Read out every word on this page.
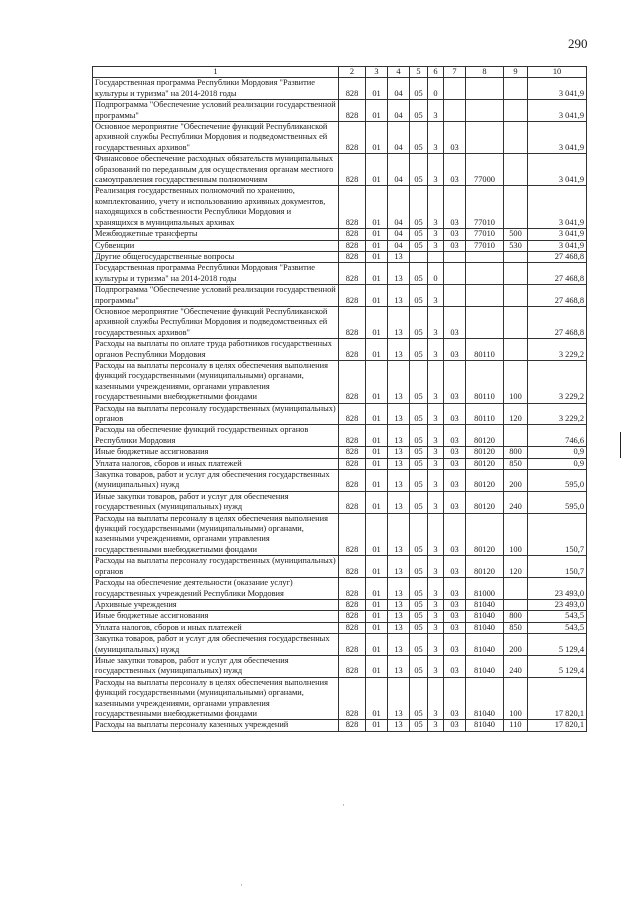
290
1	2	3	4	5	6	7	8	9	10
Государственная программа Республики Мордовия "Развитие культуры и туризма" на 2014-2018 годы	828	01	04	05	0				3 041,9
Подпрограмма "Обеспечение условий реализации государственной программы"	828	01	04	05	3				3 041,9
Основное мероприятие "Обеспечение функций Республиканской архивной службы Республики Мордовия и подведомственных ей государственных архивов"	828	01	04	05	3	03			3 041,9
Финансовое обеспечение расходных обязательств муниципальных образований по переданным для осуществления органам местного самоуправления государственным полномочиям	828	01	04	05	3	03	77000		3 041,9
Реализация государственных полномочий по хранению, комплектованию, учету и использованию архивных документов, находящихся в собственности Республики Мордовия и хранящихся в муниципальных архивах	828	01	04	05	3	03	77010		3 041,9
Межбюджетные трансферты	828	01	04	05	3	03	77010	500	3 041,9
Субвенции	828	01	04	05	3	03	77010	530	3 041,9
Другие общегосударственные вопросы	828	01	13						27 468,8
Государственная программа Республики Мордовия "Развитие культуры и туризма" на 2014-2018 годы	828	01	13	05	0				27 468,8
Подпрограмма "Обеспечение условий реализации государственной программы"	828	01	13	05	3				27 468,8
Основное мероприятие "Обеспечение функций Республиканской архивной службы Республики Мордовия и подведомственных ей государственных архивов"	828	01	13	05	3	03			27 468,8
Расходы на выплаты по оплате труда работников государственных органов Республики Мордовия	828	01	13	05	3	03	80110		3 229,2
Расходы на выплаты персоналу в целях обеспечения выполнения функций государственными (муниципальными) органами, казенными учреждениями, органами управления государственными внебюджетными фондами	828	01	13	05	3	03	80110	100	3 229,2
Расходы на выплаты персоналу государственных (муниципальных) органов	828	01	13	05	3	03	80110	120	3 229,2
Расходы на обеспечение функций государственных органов Республики Мордовия	828	01	13	05	3	03	80120		746,6
Иные бюджетные ассигнования	828	01	13	05	3	03	80120	800	0,9
Уплата налогов, сборов и иных платежей	828	01	13	05	3	03	80120	850	0,9
Закупка товаров, работ и услуг для обеспечения государственных (муниципальных) нужд	828	01	13	05	3	03	80120	200	595,0
Иные закупки товаров, работ и услуг для обеспечения государственных (муниципальных) нужд	828	01	13	05	3	03	80120	240	595,0
Расходы на выплаты персоналу в целях обеспечения выполнения функций государственными (муниципальными) органами, казенными учреждениями, органами управления государственными внебюджетными фондами	828	01	13	05	3	03	80120	100	150,7
Расходы на выплаты персоналу государственных (муниципальных) органов	828	01	13	05	3	03	80120	120	150,7
Расходы на обеспечение деятельности (оказание услуг) государственных учреждений Республики Мордовия	828	01	13	05	3	03	81000		23 493,0
Архивные учреждения	828	01	13	05	3	03	81040		23 493,0
Иные бюджетные ассигнования	828	01	13	05	3	03	81040	800	543,5
Уплата налогов, сборов и иных платежей	828	01	13	05	3	03	81040	850	543,5
Закупка товаров, работ и услуг для обеспечения государственных (муниципальных) нужд	828	01	13	05	3	03	81040	200	5 129,4
Иные закупки товаров, работ и услуг для обеспечения государственных (муниципальных) нужд	828	01	13	05	3	03	81040	240	5 129,4
Расходы на выплаты персоналу в целях обеспечения выполнения функций государственными (муниципальными) органами, казенными учреждениями, органами управления государственными внебюджетными фондами	828	01	13	05	3	03	81040	100	17 820,1
Расходы на выплаты персоналу казенных учреждений	828	01	13	05	3	03	81040	110	17 820,1
·
·
